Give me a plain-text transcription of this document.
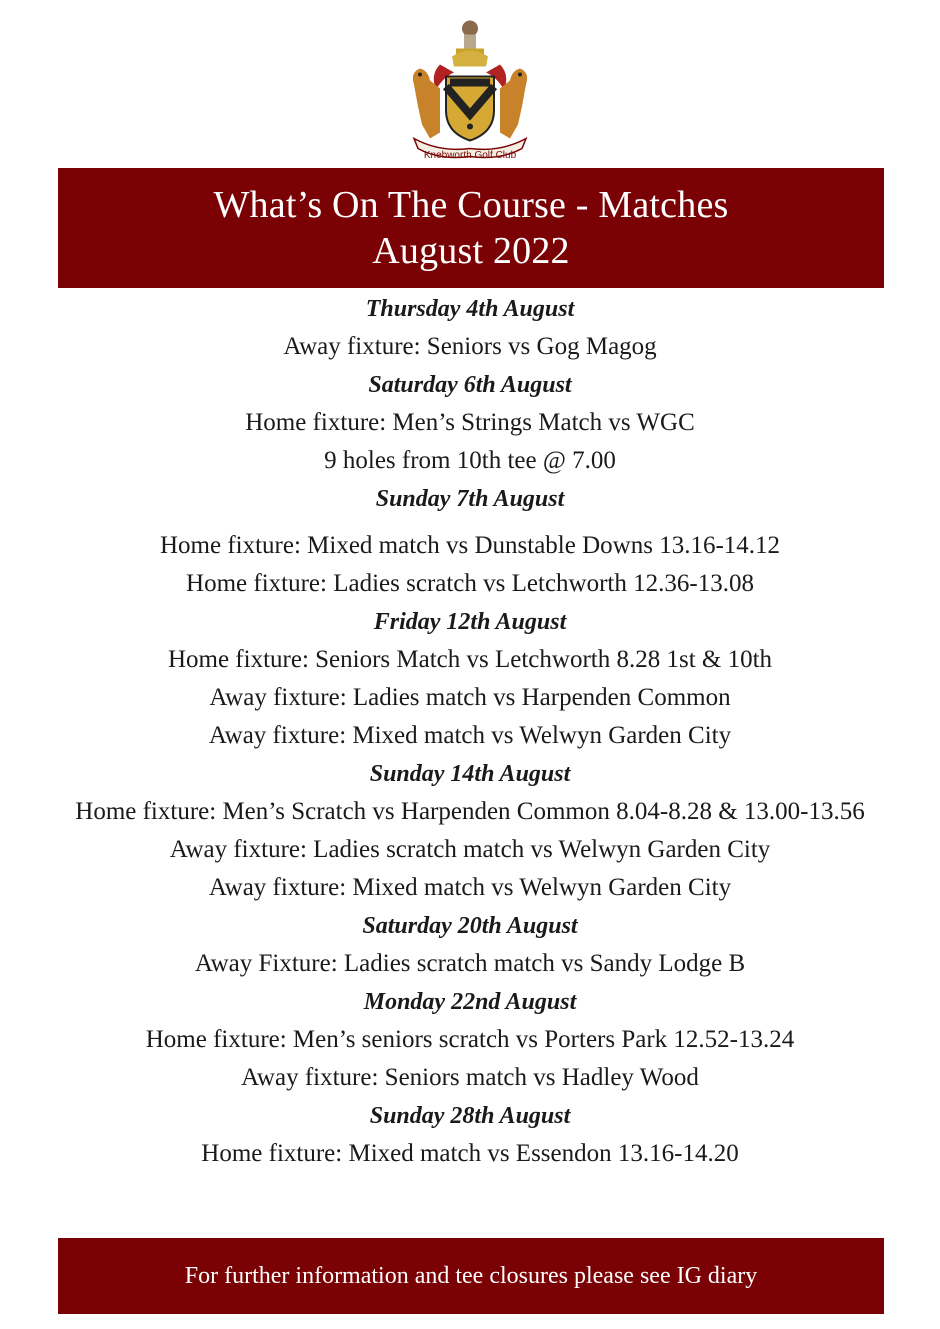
Knebworth Golf Club
What’s On The Course - Matches
August 2022
Thursday 4th August
Away fixture: Seniors vs Gog Magog
Saturday 6th August
Home fixture: Men’s Strings Match vs WGC
9 holes from 10th tee @ 7.00
Sunday 7th August
Home fixture: Mixed match vs Dunstable Downs 13.16-14.12
Home fixture: Ladies scratch vs Letchworth 12.36-13.08
Friday 12th August
Home fixture: Seniors Match vs Letchworth 8.28 1st & 10th
Away fixture: Ladies match vs Harpenden Common
Away fixture: Mixed match vs Welwyn Garden City
Sunday 14th August
Home fixture: Men’s Scratch vs Harpenden Common 8.04-8.28 & 13.00-13.56
Away fixture: Ladies scratch match vs Welwyn Garden City
Away fixture: Mixed match vs Welwyn Garden City
Saturday 20th August
Away Fixture: Ladies scratch match vs Sandy Lodge B
Monday 22nd August
Home fixture: Men’s seniors scratch vs Porters Park 12.52-13.24
Away fixture: Seniors match vs Hadley Wood
Sunday 28th August
Home fixture: Mixed match vs Essendon 13.16-14.20
For further information and tee closures please see IG diary
